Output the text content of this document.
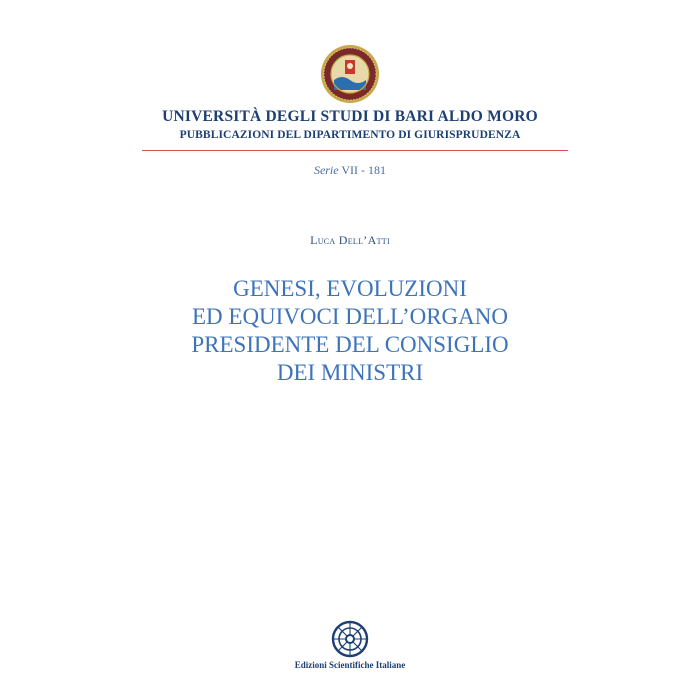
UNIVERSITÀ DEGLI STUDI DI BARI ALDO MORO
PUBBLICAZIONI DEL DIPARTIMENTO DI GIURISPRUDENZA
Serie VII - 181
Luca Dell’Atti
GENESI, EVOLUZIONI
ED EQUIVOCI DELL’ORGANO
PRESIDENTE DEL CONSIGLIO
DEI MINISTRI
Edizioni Scientifiche Italiane
